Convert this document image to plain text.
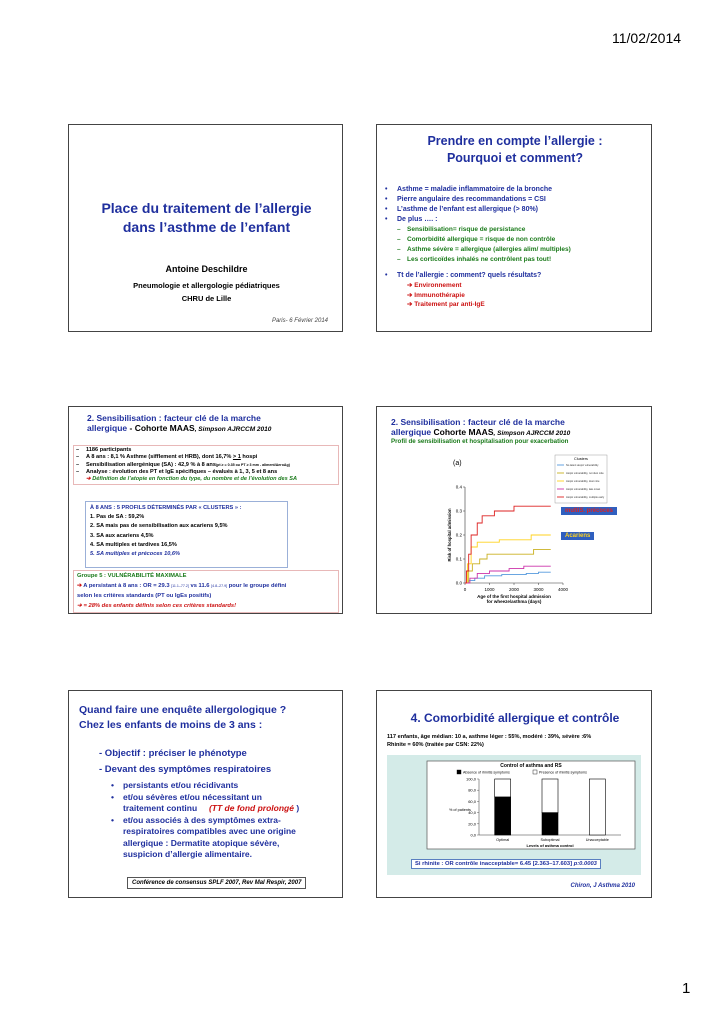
11/02/2014
Place du traitement de l’allergie
dans l’asthme de l’enfant
Antoine Deschildre
Pneumologie et allergologie pédiatriques
CHRU de Lille
Paris- 6 Février 2014
Prendre en compte l’allergie :
Pourquoi et comment?
• Asthme = maladie inflammatoire de la bronche
• Pierre angulaire des recommandations = CSI
• L’asthme de l’enfant est allergique (> 80%)
• De plus …. :
– Sensibilisation= risque de persistance
– Comorbidité allergique = risque de non contrôle
– Asthme sévère = allergique (allergies alim/ multiples)
– Les corticoïdes inhalés ne contrôlent pas tout!
• Tt de l’allergie : comment? quels résultats?
➔ Environnement
➔ Immunothérapie
➔ Traitement par anti-IgE
2. Sensibilisation : facteur clé de la marche
allergique - Cohorte MAAS, Simpson AJRCCM 2010
– 1186 participants
– A 8 ans : 8,1 % Asthme (sifflement et HRB), dont 16,7% > 1 hospi
– Sensibilisation allergénique (SA) : 42,9 % à 8 ans(pt ≥ = 0.35 ou PT ≥ 3 mm - aliment/AeroAg)
– Analyse : évolution des PT et IgE spécifiques – évalués à 1, 3, 5 et 8 ans
➔ Définition de l’atopie en fonction du type, du nombre et de l’évolution des SA
À 8 ANS : 5 PROFILS DÉTERMINÉS PAR « CLUSTERS » :
1. Pas de SA : 59,2%
2. SA mais pas de sensibilisation aux acariens 9,5%
3. SA aux acariens 4,5%
4. SA multiples et tardives 16,5%
5. SA multiples et précoces 10,6%
Groupe 5 : VULNÉRABILITÉ MAXIMALE
➔ A persistant à 8 ans : OR = 29.3 [11.1–77.2] vs 11.6 [4.8–27.9] pour le groupe défini
selon les critères standards (PT ou IgEs positifs)
➔ = 28% des enfants définis selon ces critères standards!
2. Sensibilisation : facteur clé de la marche
allergique Cohorte MAAS, Simpson AJRCCM 2010
Profil de sensibilisation et hospitalisation pour exacerbation
(a)
0.0
0.1
0.2
0.3
0.4
0	1000	2000	3000	4000
Age of the first hospital admission
for wheeze/asthma (days)
Risk of hospital admission
Clusters
No latent atopic vulnerability
Atopic vulnerability, not dust mite
Atopic vulnerability, dust mite
Atopic vulnerability, late onset
Atopic vulnerability, multiple early
multiS. précoces
Acariens
Quand faire une enquête allergologique ?
Chez les enfants de moins de 3 ans :
- Objectif : préciser le phénotype
- Devant des symptômes respiratoires
• persistants et/ou récidivants
• et/ou sévères et/ou nécessitant un
traitement continu (TT de fond prolongé )
• et/ou associés à des symptômes extra-
respiratoires compatibles avec une origine
allergique : Dermatite atopique sévère,
suspicion d’allergie alimentaire.
Conférence de consensus SPLF 2007, Rev Mal Respir, 2007
4. Comorbidité allergique et contrôle
117 enfants, âge médian: 10 a, asthme léger : 55%, modéré : 39%, sévère :6%
Rhinite = 60% (traitée par CSN: 22%)
Control of asthma and RS
Absence of rhinitis symptoms	Presence of rhinitis symptoms
0,0
20,0
40,0
60,0
80,0
100,0
% of patients
Levels of asthma control
Optimal	Suboptimal	Unacceptable
Si rhinite : OR contrôle inacceptable= 6.45 [2.363–17.603] p:0.0003
Chiron, J Asthma 2010
1
